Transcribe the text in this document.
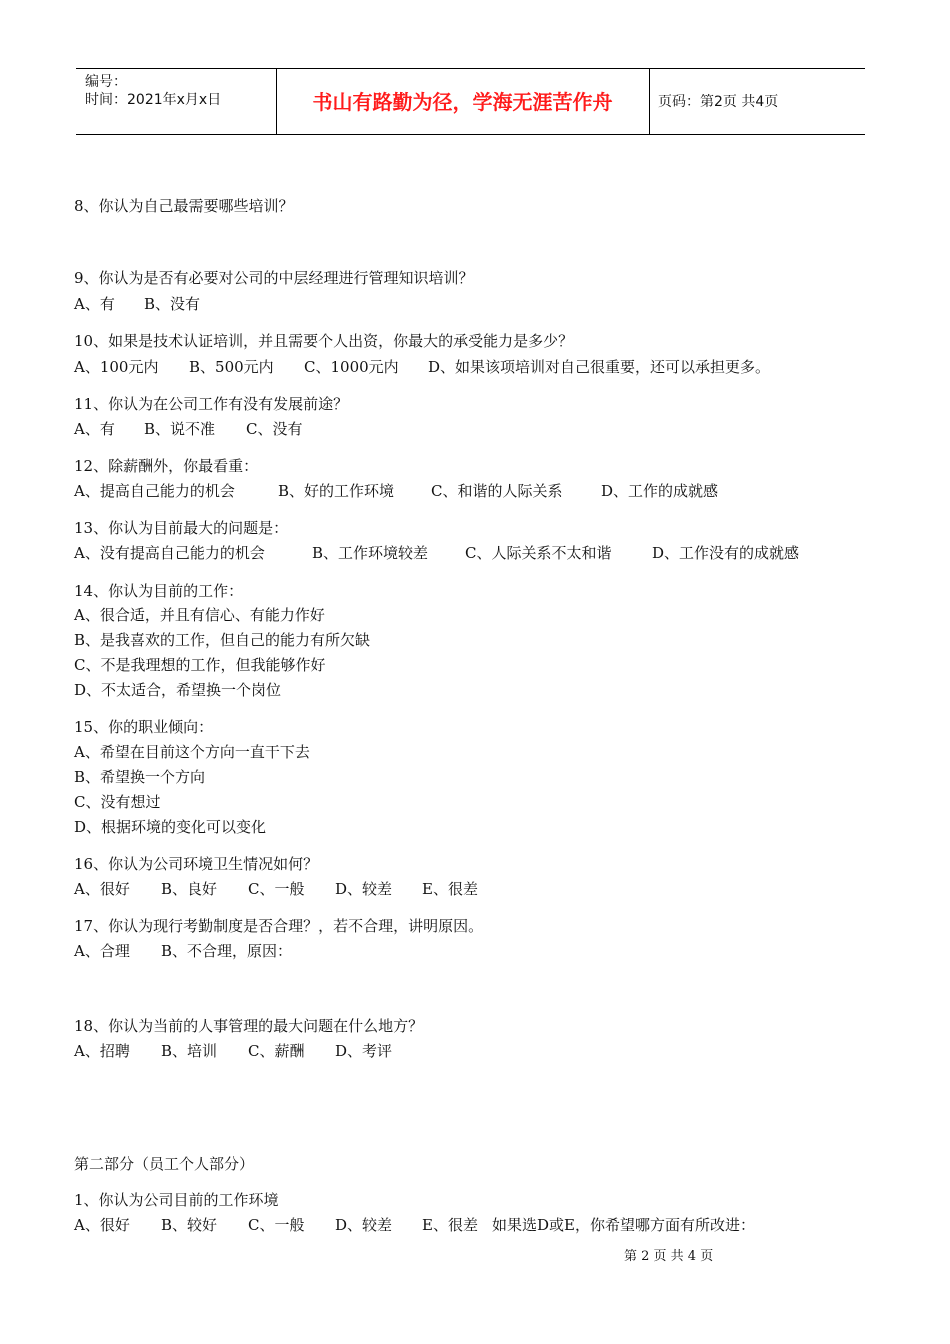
编号：
时间：2021年x月x日	书山有路勤为径，学海无涯苦作舟	页码：第2页 共4页
8、你认为自己最需要哪些培训？
9、你认为是否有必要对公司的中层经理进行管理知识培训？
A、有 B、没有
10、如果是技术认证培训，并且需要个人出资，你最大的承受能力是多少？
A、100元内 B、500元内 C、1000元内 D、如果该项培训对自己很重要，还可以承担更多。
11、你认为在公司工作有没有发展前途？
A、有 B、说不准 C、没有
12、除薪酬外，你最看重：
A、提高自己能力的机会	B、好的工作环境 C、和谐的人际关系	D、工作的成就感
13、你认为目前最大的问题是：
A、没有提高自己能力的机会	B、工作环境较差 C、人际关系不太和谐	D、工作没有的成就感
14、你认为目前的工作：
A、很合适，并且有信心、有能力作好
B、是我喜欢的工作，但自己的能力有所欠缺
C、不是我理想的工作，但我能够作好
D、不太适合，希望换一个岗位
15、你的职业倾向：
A、希望在目前这个方向一直干下去
B、希望换一个方向
C、没有想过
D、根据环境的变化可以变化
16、你认为公司环境卫生情况如何？
A、很好 B、良好 C、一般 D、较差 E、很差
17、你认为现行考勤制度是否合理？，若不合理，讲明原因。
A、合理 B、不合理，原因：
18、你认为当前的人事管理的最大问题在什么地方？
A、招聘 B、培训 C、薪酬 D、考评
第二部分（员工个人部分）
1、你认为公司目前的工作环境
A、很好 B、较好 C、一般 D、较差 E、很差 如果选D或E，你希望哪方面有所改进：
第 2 页 共 4 页
